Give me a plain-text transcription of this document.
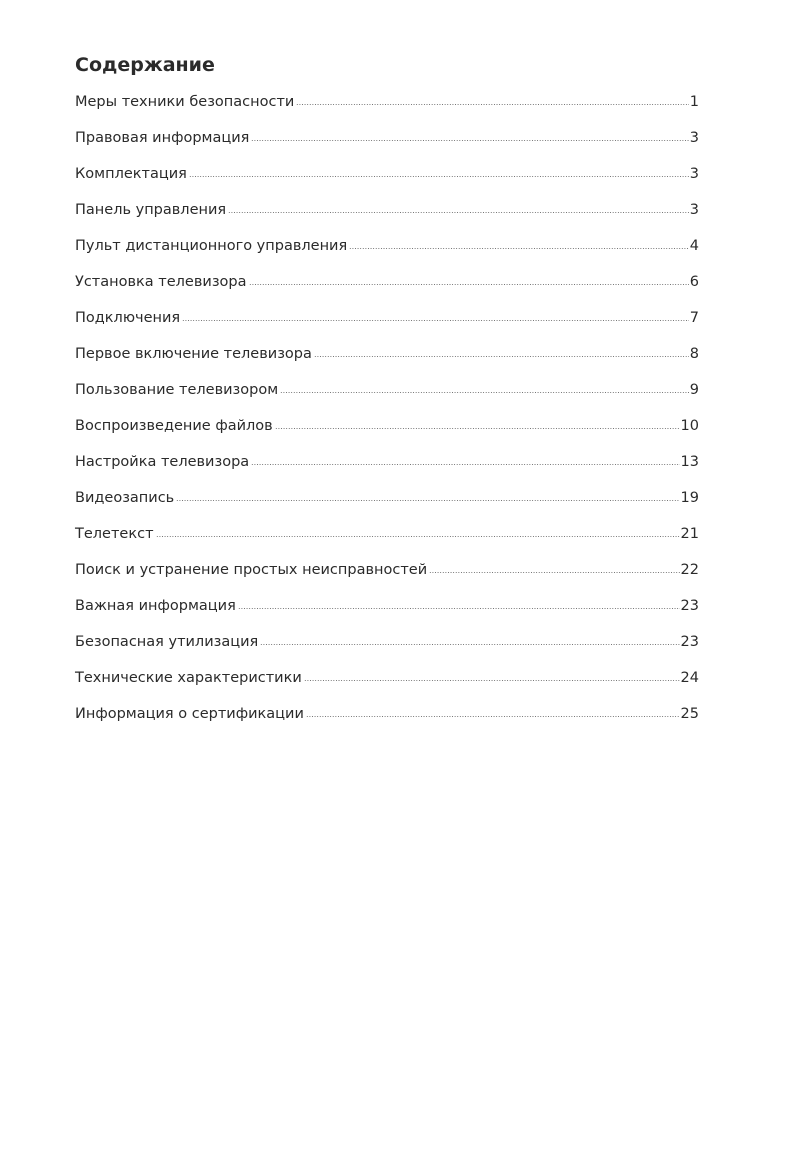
Содержание
Меры техники безопасности	1
Правовая информация	3
Комплектация	3
Панель управления	3
Пульт дистанционного управления	4
Установка телевизора	6
Подключения	7
Первое включение телевизора	8
Пользование телевизором	9
Воспроизведение файлов	10
Настройка телевизора	13
Видеозапись	19
Телетекст	21
Поиск и устранение простых неисправностей	22
Важная информация	23
Безопасная утилизация	23
Технические характеристики	24
Информация о сертификации	25
